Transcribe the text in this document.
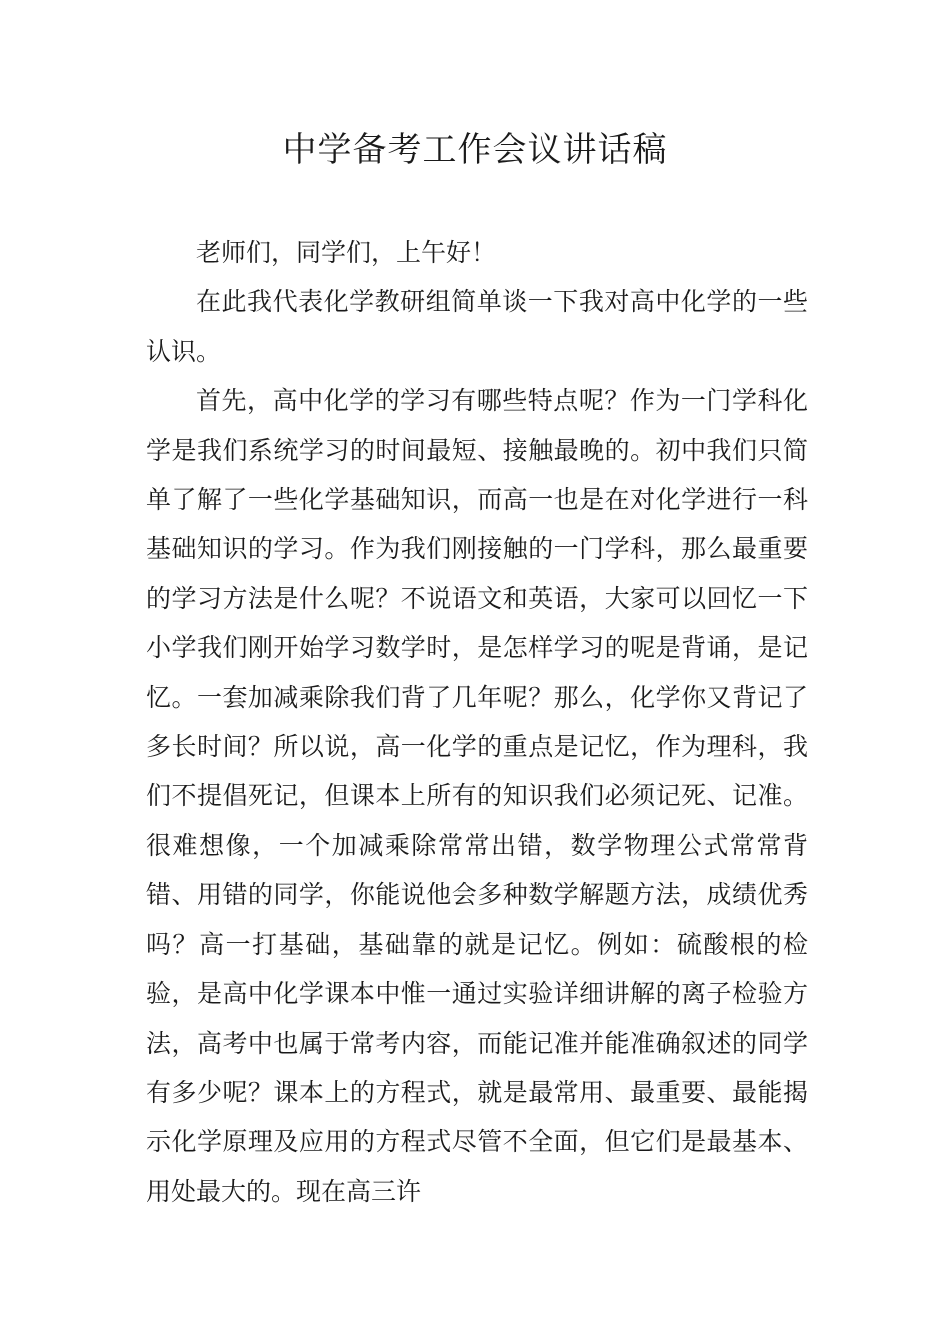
中学备考工作会议讲话稿

老师们，同学们，上午好！

在此我代表化学教研组简单谈一下我对高中化学的一些认识。

首先，高中化学的学习有哪些特点呢？作为一门学科化学是我们系统学习的时间最短、接触最晚的。初中我们只简单了解了一些化学基础知识，而高一也是在对化学进行一科基础知识的学习。作为我们刚接触的一门学科，那么最重要的学习方法是什么呢？不说语文和英语，大家可以回忆一下小学我们刚开始学习数学时，是怎样学习的呢是背诵，是记忆。一套加减乘除我们背了几年呢？那么，化学你又背记了多长时间？所以说，高一化学的重点是记忆，作为理科，我们不提倡死记，但课本上所有的知识我们必须记死、记准。很难想像，一个加减乘除常常出错，数学物理公式常常背错、用错的同学，你能说他会多种数学解题方法，成绩优秀吗？高一打基础，基础靠的就是记忆。例如：硫酸根的检验，是高中化学课本中惟一通过实验详细讲解的离子检验方法，高考中也属于常考内容，而能记准并能准确叙述的同学有多少呢？课本上的方程式，就是最常用、最重要、最能揭示化学原理及应用的方程式尽管不全面，但它们是最基本、用处最大的。现在高三许
